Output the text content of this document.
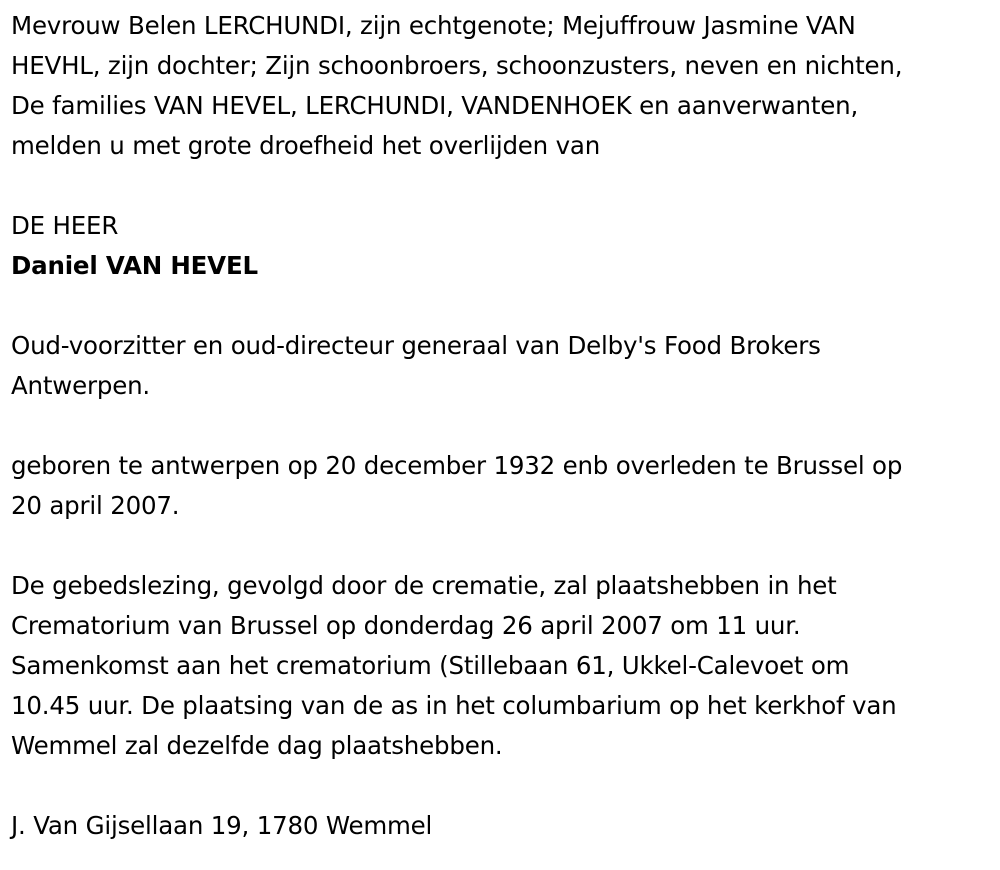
Mevrouw Belen LERCHUNDI, zijn echtgenote; Mejuffrouw Jasmine VAN
HEVHL, zijn dochter; Zijn schoonbroers, schoonzusters, neven en nichten,
De families VAN HEVEL, LERCHUNDI, VANDENHOEK en aanverwanten,
melden u met grote droefheid het overlijden van
DE HEER
Daniel VAN HEVEL
Oud-voorzitter en oud-directeur generaal van Delby's Food Brokers
Antwerpen.
geboren te antwerpen op 20 december 1932 enb overleden te Brussel op
20 april 2007.
De gebedslezing, gevolgd door de crematie, zal plaatshebben in het
Crematorium van Brussel op donderdag 26 april 2007 om 11 uur.
Samenkomst aan het crematorium (Stillebaan 61, Ukkel-Calevoet om
10.45 uur. De plaatsing van de as in het columbarium op het kerkhof van
Wemmel zal dezelfde dag plaatshebben.
J. Van Gijsellaan 19, 1780 Wemmel
